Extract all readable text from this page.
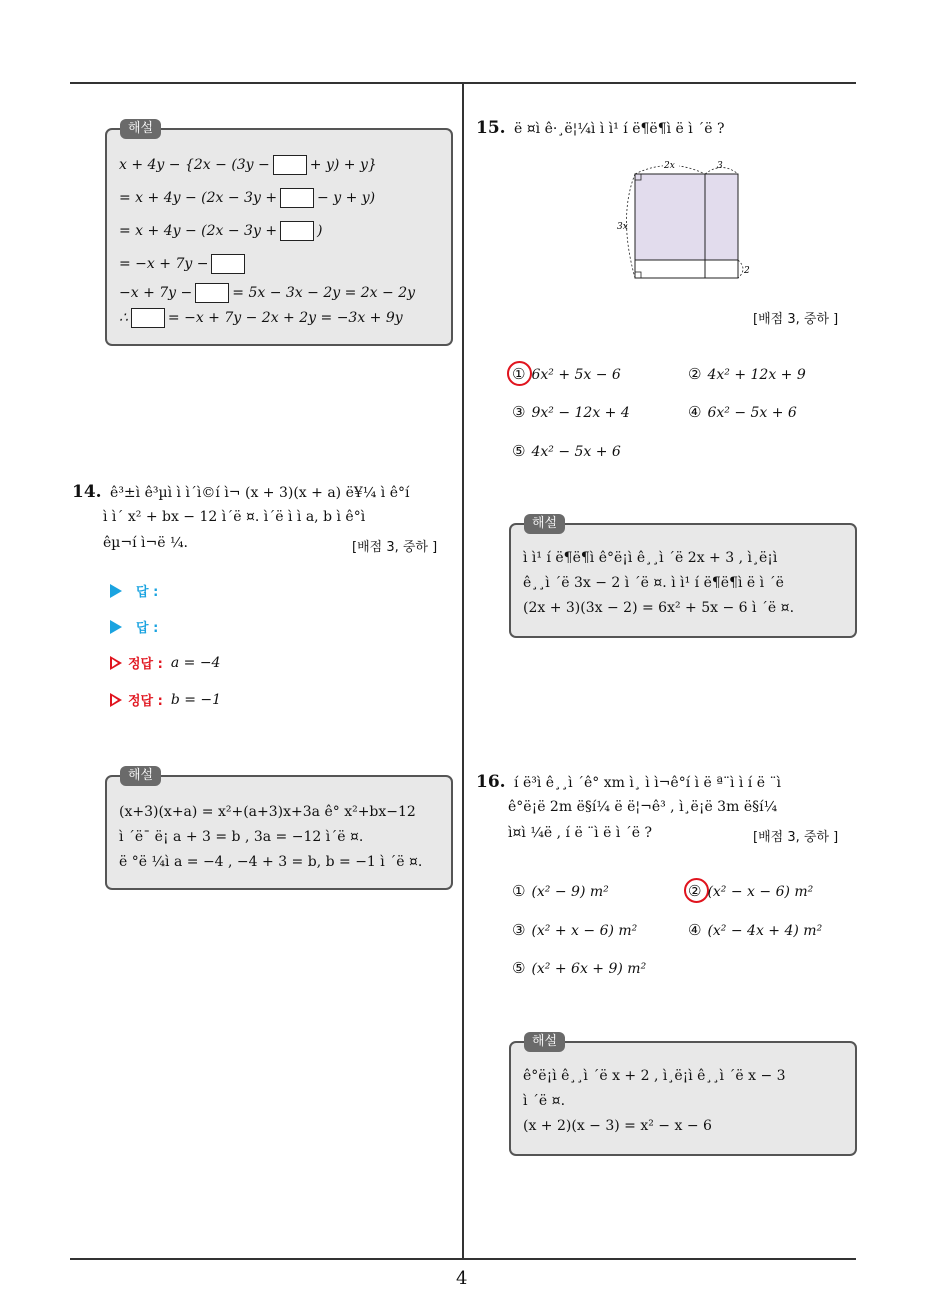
4
해설
x + 4y − {2x − (3y −	+ y) + y}
= x + 4y − (2x − 3y +	− y + y)
= x + 4y − (2x − 3y +	)
= −x + 7y −
−x + 7y −	= 5x − 3x − 2y = 2x − 2y
∴	= −x + 7y − 2x + 2y = −3x + 9y
14. ê³±ì ê³µì ì ì´ì©í ì¬ (x + 3)(x + a) ë¥¼ ì ê°í
ì ì´ x² + bx − 12 ì´ë ¤. ì´ë ì ì a, b ì ê°ì
êµ¬í ì¬ë ¼.	[배점 3, 중하 ]
답 :
답 :
정답 : a = −4
정답 : b = −1
해설
(x+3)(x+a) = x²+(a+3)x+3a ê° x²+bx−12
ì ´ë¯ ë¡ a + 3 = b , 3a = −12 ì´ë ¤.
ë °ë ¼ì a = −4 , −4 + 3 = b, b = −1 ì ´ë ¤.
15. ë ¤ì ê·¸ë¦¼ì ì ì¹ í ë¶ë¶ì ë ì ´ë ?
2x	3
3x
2
[배점 3, 중하 ]
① 6x² + 5x − 6	② 4x² + 12x + 9
③ 9x² − 12x + 4	④ 6x² − 5x + 6
⑤ 4x² − 5x + 6
해설
ì ì¹ í ë¶ë¶ì ê°ë¡ì ê¸¸ì ´ë 2x + 3 , ì¸ë¡ì
ê¸¸ì ´ë 3x − 2 ì ´ë ¤. ì ì¹ í ë¶ë¶ì ë ì ´ë
(2x + 3)(3x − 2) = 6x² + 5x − 6 ì ´ë ¤.
16. í ë³ì ê¸¸ì ´ê° xm ì¸ ì ì¬ê°í ì ë ª¨ì ì í ë ¨ì
ê°ë¡ë 2m ë§í¼ ë ë¦¬ê³ , ì¸ë¡ë 3m ë§í¼
ì¤ì ¼ë , í ë ¨ì ë ì ´ë ?	[배점 3, 중하 ]
① (x² − 9) m²	② (x² − x − 6) m²
③ (x² + x − 6) m²	④ (x² − 4x + 4) m²
⑤ (x² + 6x + 9) m²
해설
ê°ë¡ì ê¸¸ì ´ë x + 2 , ì¸ë¡ì ê¸¸ì ´ë x − 3
ì ´ë ¤.
(x + 2)(x − 3) = x² − x − 6
